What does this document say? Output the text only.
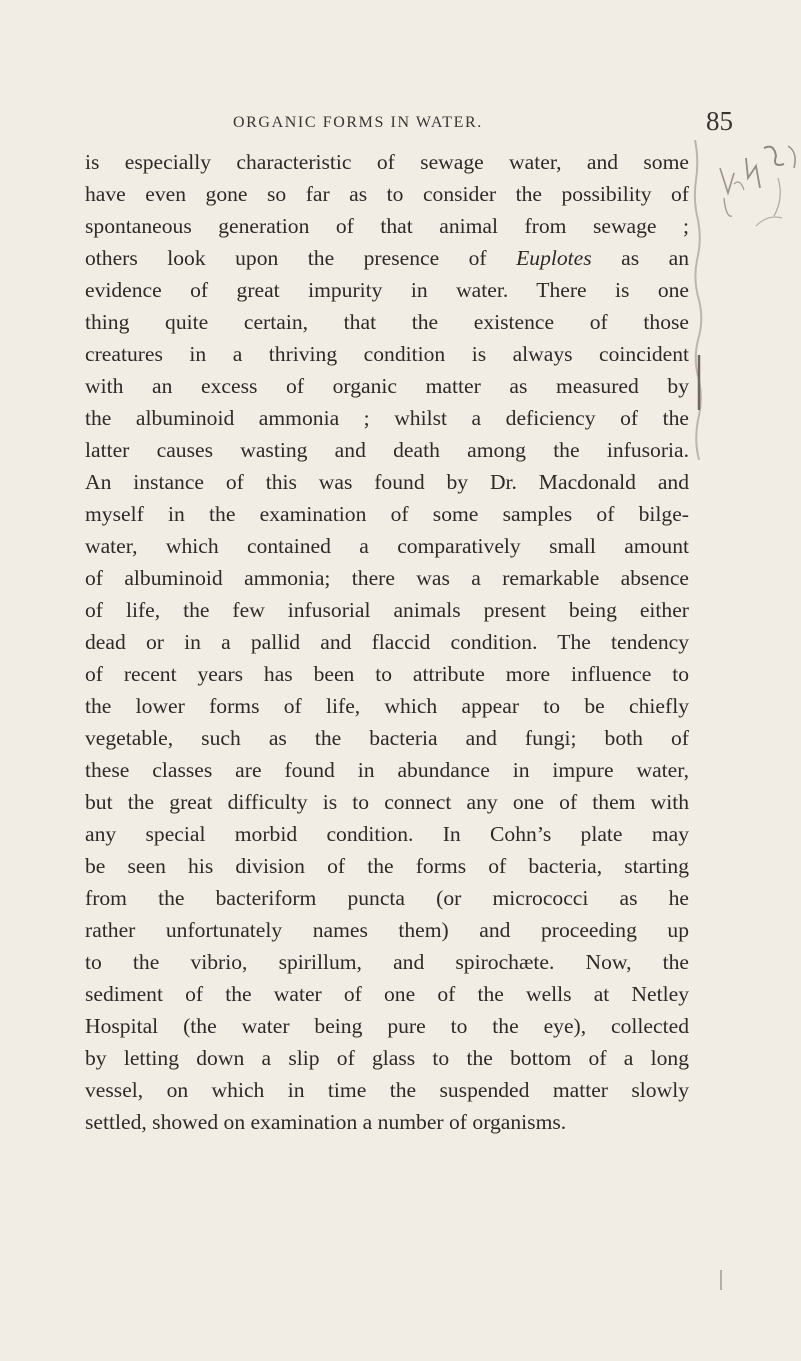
ORGANIC FORMS IN WATER.	85
is especially characteristic of sewage water, and some
have even gone so far as to consider the possibility of
spontaneous generation of that animal from sewage ;
others look upon the presence of Euplotes as an
evidence of great impurity in water. There is one
thing quite certain, that the existence of those
creatures in a thriving condition is always coincident
with an excess of organic matter as measured by
the albuminoid ammonia ; whilst a deficiency of the
latter causes wasting and death among the infusoria.
An instance of this was found by Dr. Macdonald and
myself in the examination of some samples of bilge-
water, which contained a comparatively small amount
of albuminoid ammonia; there was a remarkable absence
of life, the few infusorial animals present being either
dead or in a pallid and flaccid condition. The tendency
of recent years has been to attribute more influence to
the lower forms of life, which appear to be chiefly
vegetable, such as the bacteria and fungi; both of
these classes are found in abundance in impure water,
but the great difficulty is to connect any one of them with
any special morbid condition. In Cohn’s plate may
be seen his division of the forms of bacteria, starting
from the bacteriform puncta (or micrococci as he
rather unfortunately names them) and proceeding up
to the vibrio, spirillum, and spirochæte. Now, the
sediment of the water of one of the wells at Netley
Hospital (the water being pure to the eye), collected
by letting down a slip of glass to the bottom of a long
vessel, on which in time the suspended matter slowly
settled, showed on examination a number of organisms.
